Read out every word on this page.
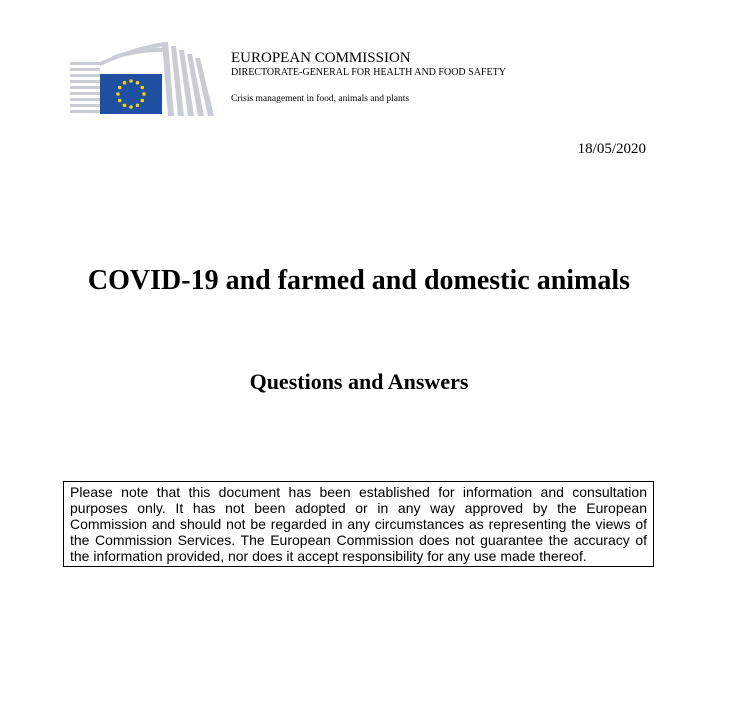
EUROPEAN COMMISSION
DIRECTORATE-GENERAL FOR HEALTH AND FOOD SAFETY
Crisis management in food, animals and plants
18/05/2020
COVID-19 and farmed and domestic animals
Questions and Answers
Please note that this document has been established for information and consultation purposes only. It has not been adopted or in any way approved by the European Commission and should not be regarded in any circumstances as representing the views of the Commission Services. The European Commission does not guarantee the accuracy of the information provided, nor does it accept responsibility for any use made thereof.
